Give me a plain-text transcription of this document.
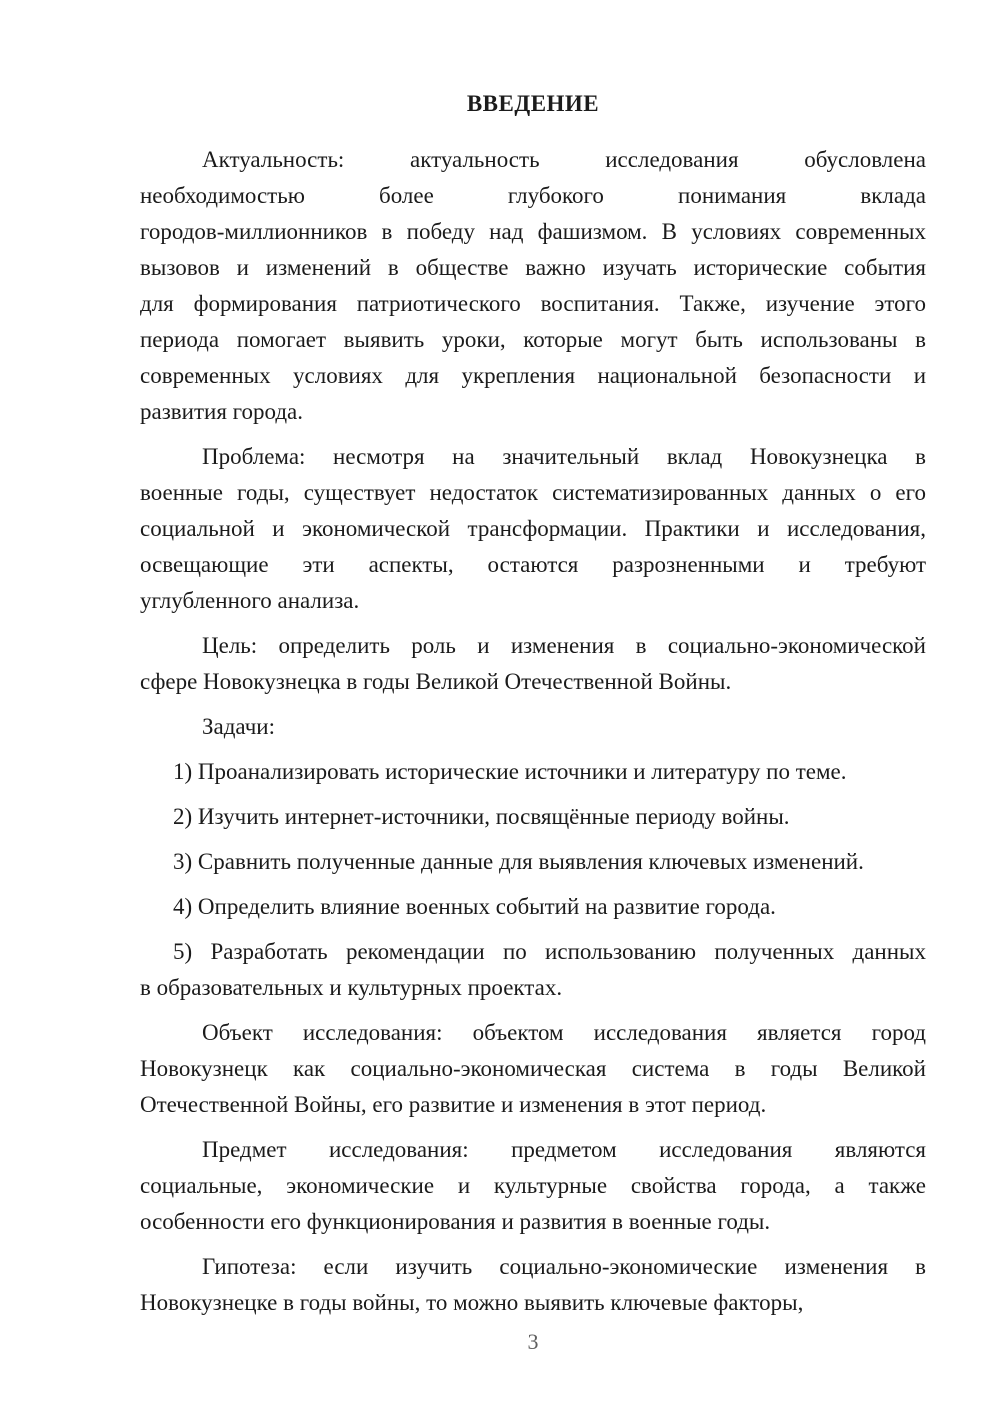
ВВЕДЕНИЕ
Актуальность: актуальность исследования обусловлена
необходимостью более глубокого понимания вклада
городов-миллионников в победу над фашизмом. В условиях современных
вызовов и изменений в обществе важно изучать исторические события
для формирования патриотического воспитания. Также, изучение этого
периода помогает выявить уроки, которые могут быть использованы в
современных условиях для укрепления национальной безопасности и
развития города.
Проблема: несмотря на значительный вклад Новокузнецка в
военные годы, существует недостаток систематизированных данных о его
социальной и экономической трансформации. Практики и исследования,
освещающие эти аспекты, остаются разрозненными и требуют
углубленного анализа.
Цель: определить роль и изменения в социально-экономической
сфере Новокузнецка в годы Великой Отечественной Войны.
Задачи:
1) Проанализировать исторические источники и литературу по теме.
2) Изучить интернет-источники, посвящённые периоду войны.
3) Сравнить полученные данные для выявления ключевых изменений.
4) Определить влияние военных событий на развитие города.
5) Разработать рекомендации по использованию полученных данных
в образовательных и культурных проектах.
Объект исследования: объектом исследования является город
Новокузнецк как социально-экономическая система в годы Великой
Отечественной Войны, его развитие и изменения в этот период.
Предмет исследования: предметом исследования являются
социальные, экономические и культурные свойства города, а также
особенности его функционирования и развития в военные годы.
Гипотеза: если изучить социально-экономические изменения в
Новокузнецке в годы войны, то можно выявить ключевые факторы,
3
